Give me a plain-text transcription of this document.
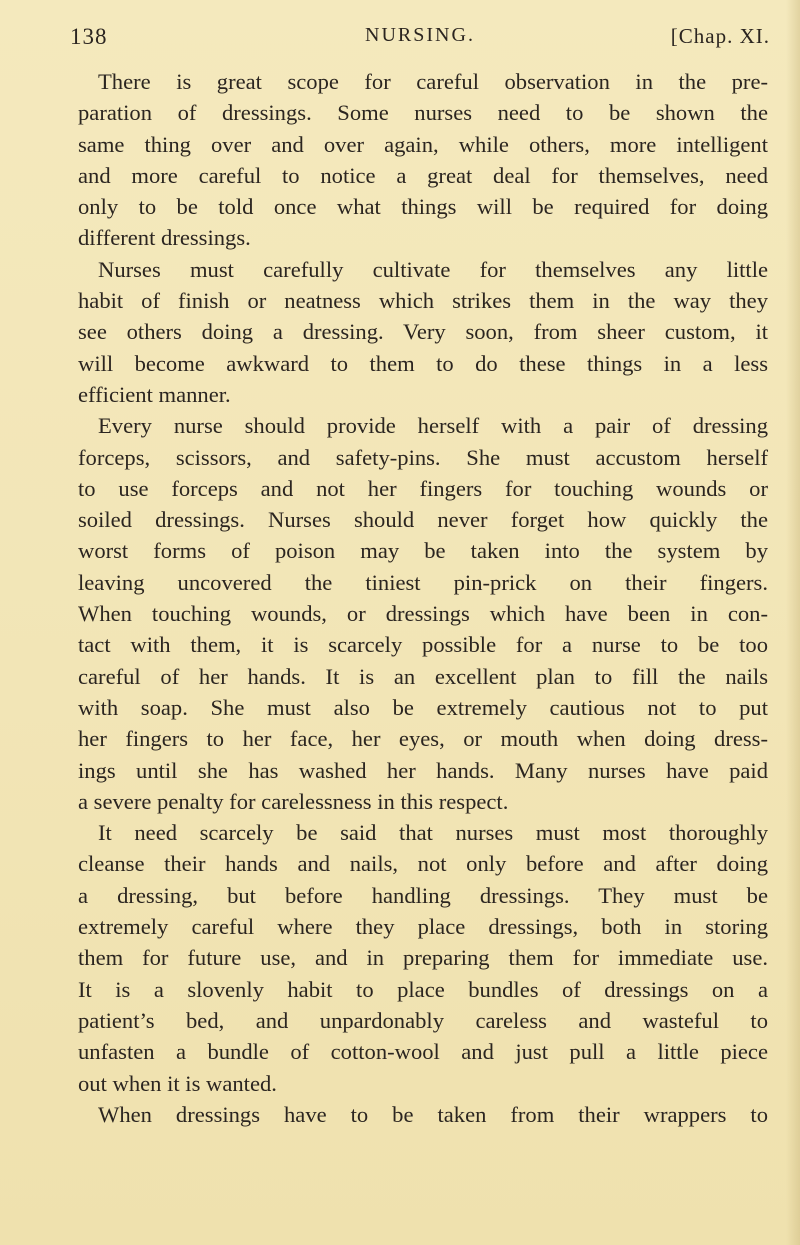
138	NURSING.	[Chap. XI.
There is great scope for careful observation in the pre-
paration of dressings. Some nurses need to be shown the
same thing over and over again, while others, more intelligent
and more careful to notice a great deal for themselves, need
only to be told once what things will be required for doing
different dressings.
Nurses must carefully cultivate for themselves any little
habit of finish or neatness which strikes them in the way they
see others doing a dressing. Very soon, from sheer custom, it
will become awkward to them to do these things in a less
efficient manner.
Every nurse should provide herself with a pair of dressing
forceps, scissors, and safety-pins. She must accustom herself
to use forceps and not her fingers for touching wounds or
soiled dressings. Nurses should never forget how quickly the
worst forms of poison may be taken into the system by
leaving uncovered the tiniest pin-prick on their fingers.
When touching wounds, or dressings which have been in con-
tact with them, it is scarcely possible for a nurse to be too
careful of her hands. It is an excellent plan to fill the nails
with soap. She must also be extremely cautious not to put
her fingers to her face, her eyes, or mouth when doing dress-
ings until she has washed her hands. Many nurses have paid
a severe penalty for carelessness in this respect.
It need scarcely be said that nurses must most thoroughly
cleanse their hands and nails, not only before and after doing
a dressing, but before handling dressings. They must be
extremely careful where they place dressings, both in storing
them for future use, and in preparing them for immediate use.
It is a slovenly habit to place bundles of dressings on a
patient’s bed, and unpardonably careless and wasteful to
unfasten a bundle of cotton-wool and just pull a little piece
out when it is wanted.
When dressings have to be taken from their wrappers to
